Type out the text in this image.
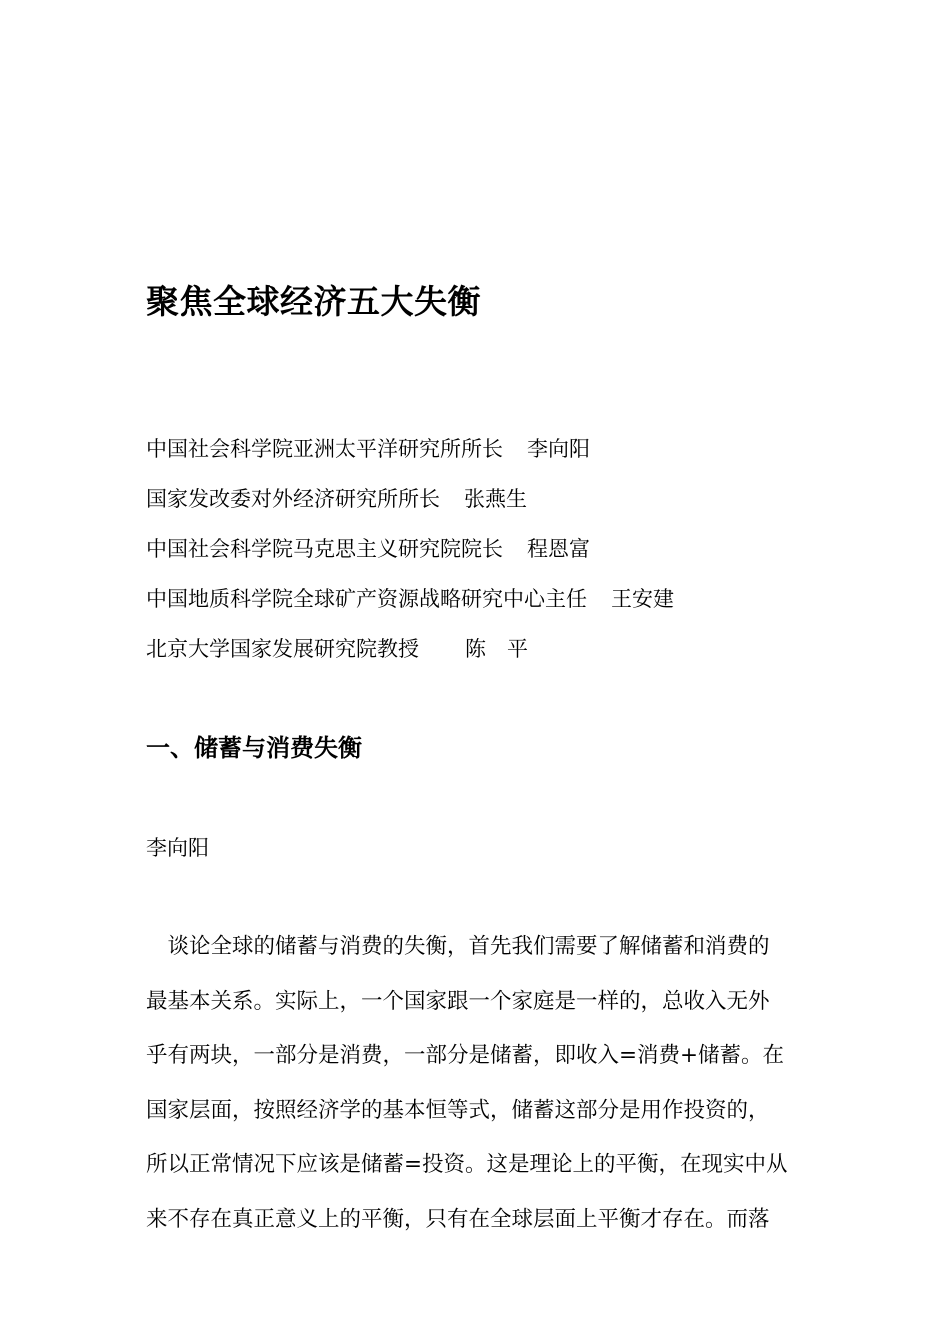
聚焦全球经济五大失衡
中国社会科学院亚洲太平洋研究所所长 李向阳
国家发改委对外经济研究所所长 张燕生
中国社会科学院马克思主义研究院院长 程恩富
中国地质科学院全球矿产资源战略研究中心主任 王安建
北京大学国家发展研究院教授 陈　平
一、储蓄与消费失衡

李向阳

　谈论全球的储蓄与消费的失衡，首先我们需要了解储蓄和消费的
最基本关系。实际上，一个国家跟一个家庭是一样的，总收入无外
乎有两块，一部分是消费，一部分是储蓄，即收入=消费+储蓄。在
国家层面，按照经济学的基本恒等式，储蓄这部分是用作投资的，
所以正常情况下应该是储蓄=投资。这是理论上的平衡，在现实中从
来不存在真正意义上的平衡，只有在全球层面上平衡才存在。而落
